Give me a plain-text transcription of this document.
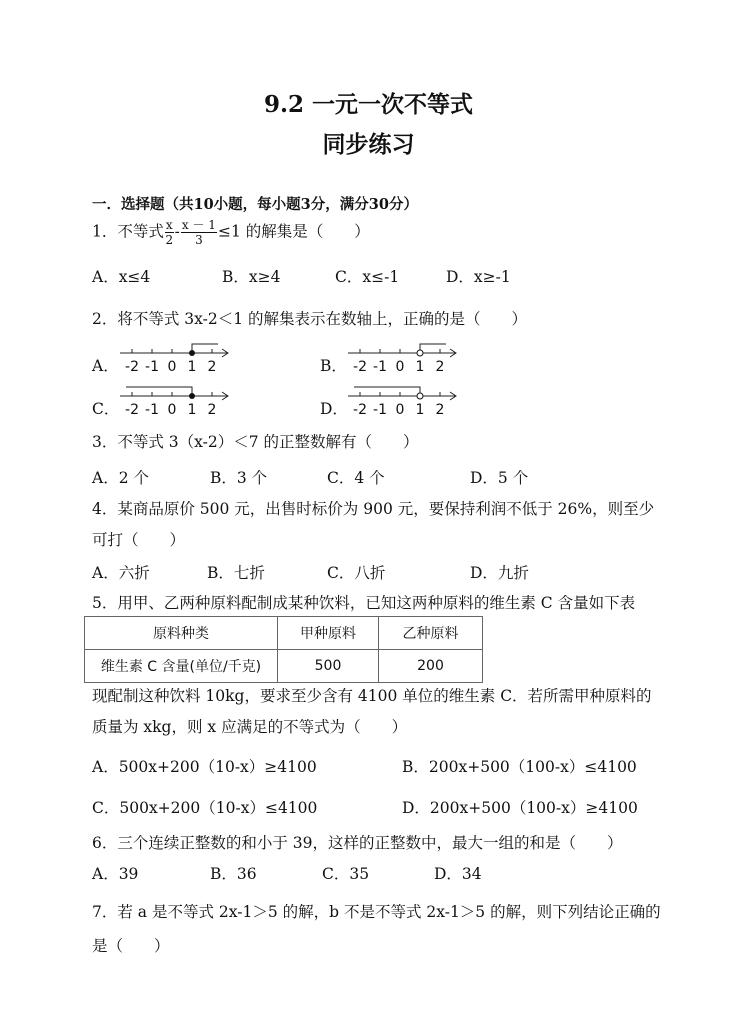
9.2 一元一次不等式
同步练习
一．选择题（共10小题，每小题3分，满分30分）
1．不等式 $\frac{x}{2} - \frac{x - 1}{3} \le 1$ 的解集是（　　）
A．x≤4	B．x≥4	C．x≤-1	D．x≥-1
2．将不等式 3x-2＜1 的解集表示在数轴上，正确的是（　　）
A．	B．
C．	D．
-2 -1 0 1 2	-2 -1 0 1 2
-2 -1 0 1 2	-2 -1 0 1 2
3．不等式 3（x-2）＜7 的正整数解有（　　）
A．2 个	B．3 个	C．4 个	D．5 个
4．某商品原价 500 元，出售时标价为 900 元，要保持利润不低于 26%，则至少
可打（　　）
A．六折	B．七折	C．八折	D．九折
5．用甲、乙两种原料配制成某种饮料，已知这两种原料的维生素 C 含量如下表
原料种类	甲种原料	乙种原料
维生素 C 含量(单位/千克)	500	200
现配制这种饮料 10kg，要求至少含有 4100 单位的维生素 C．若所需甲种原料的
质量为 xkg，则 x 应满足的不等式为（　　）
A．500x+200（10-x）≥4100	B．200x+500（100-x）≤4100
C．500x+200（10-x）≤4100	D．200x+500（100-x）≥4100
6．三个连续正整数的和小于 39，这样的正整数中，最大一组的和是（　　）
A．39	B．36	C．35	D．34
7．若 a 是不等式 2x-1＞5 的解，b 不是不等式 2x-1＞5 的解，则下列结论正确的
是（　　）
